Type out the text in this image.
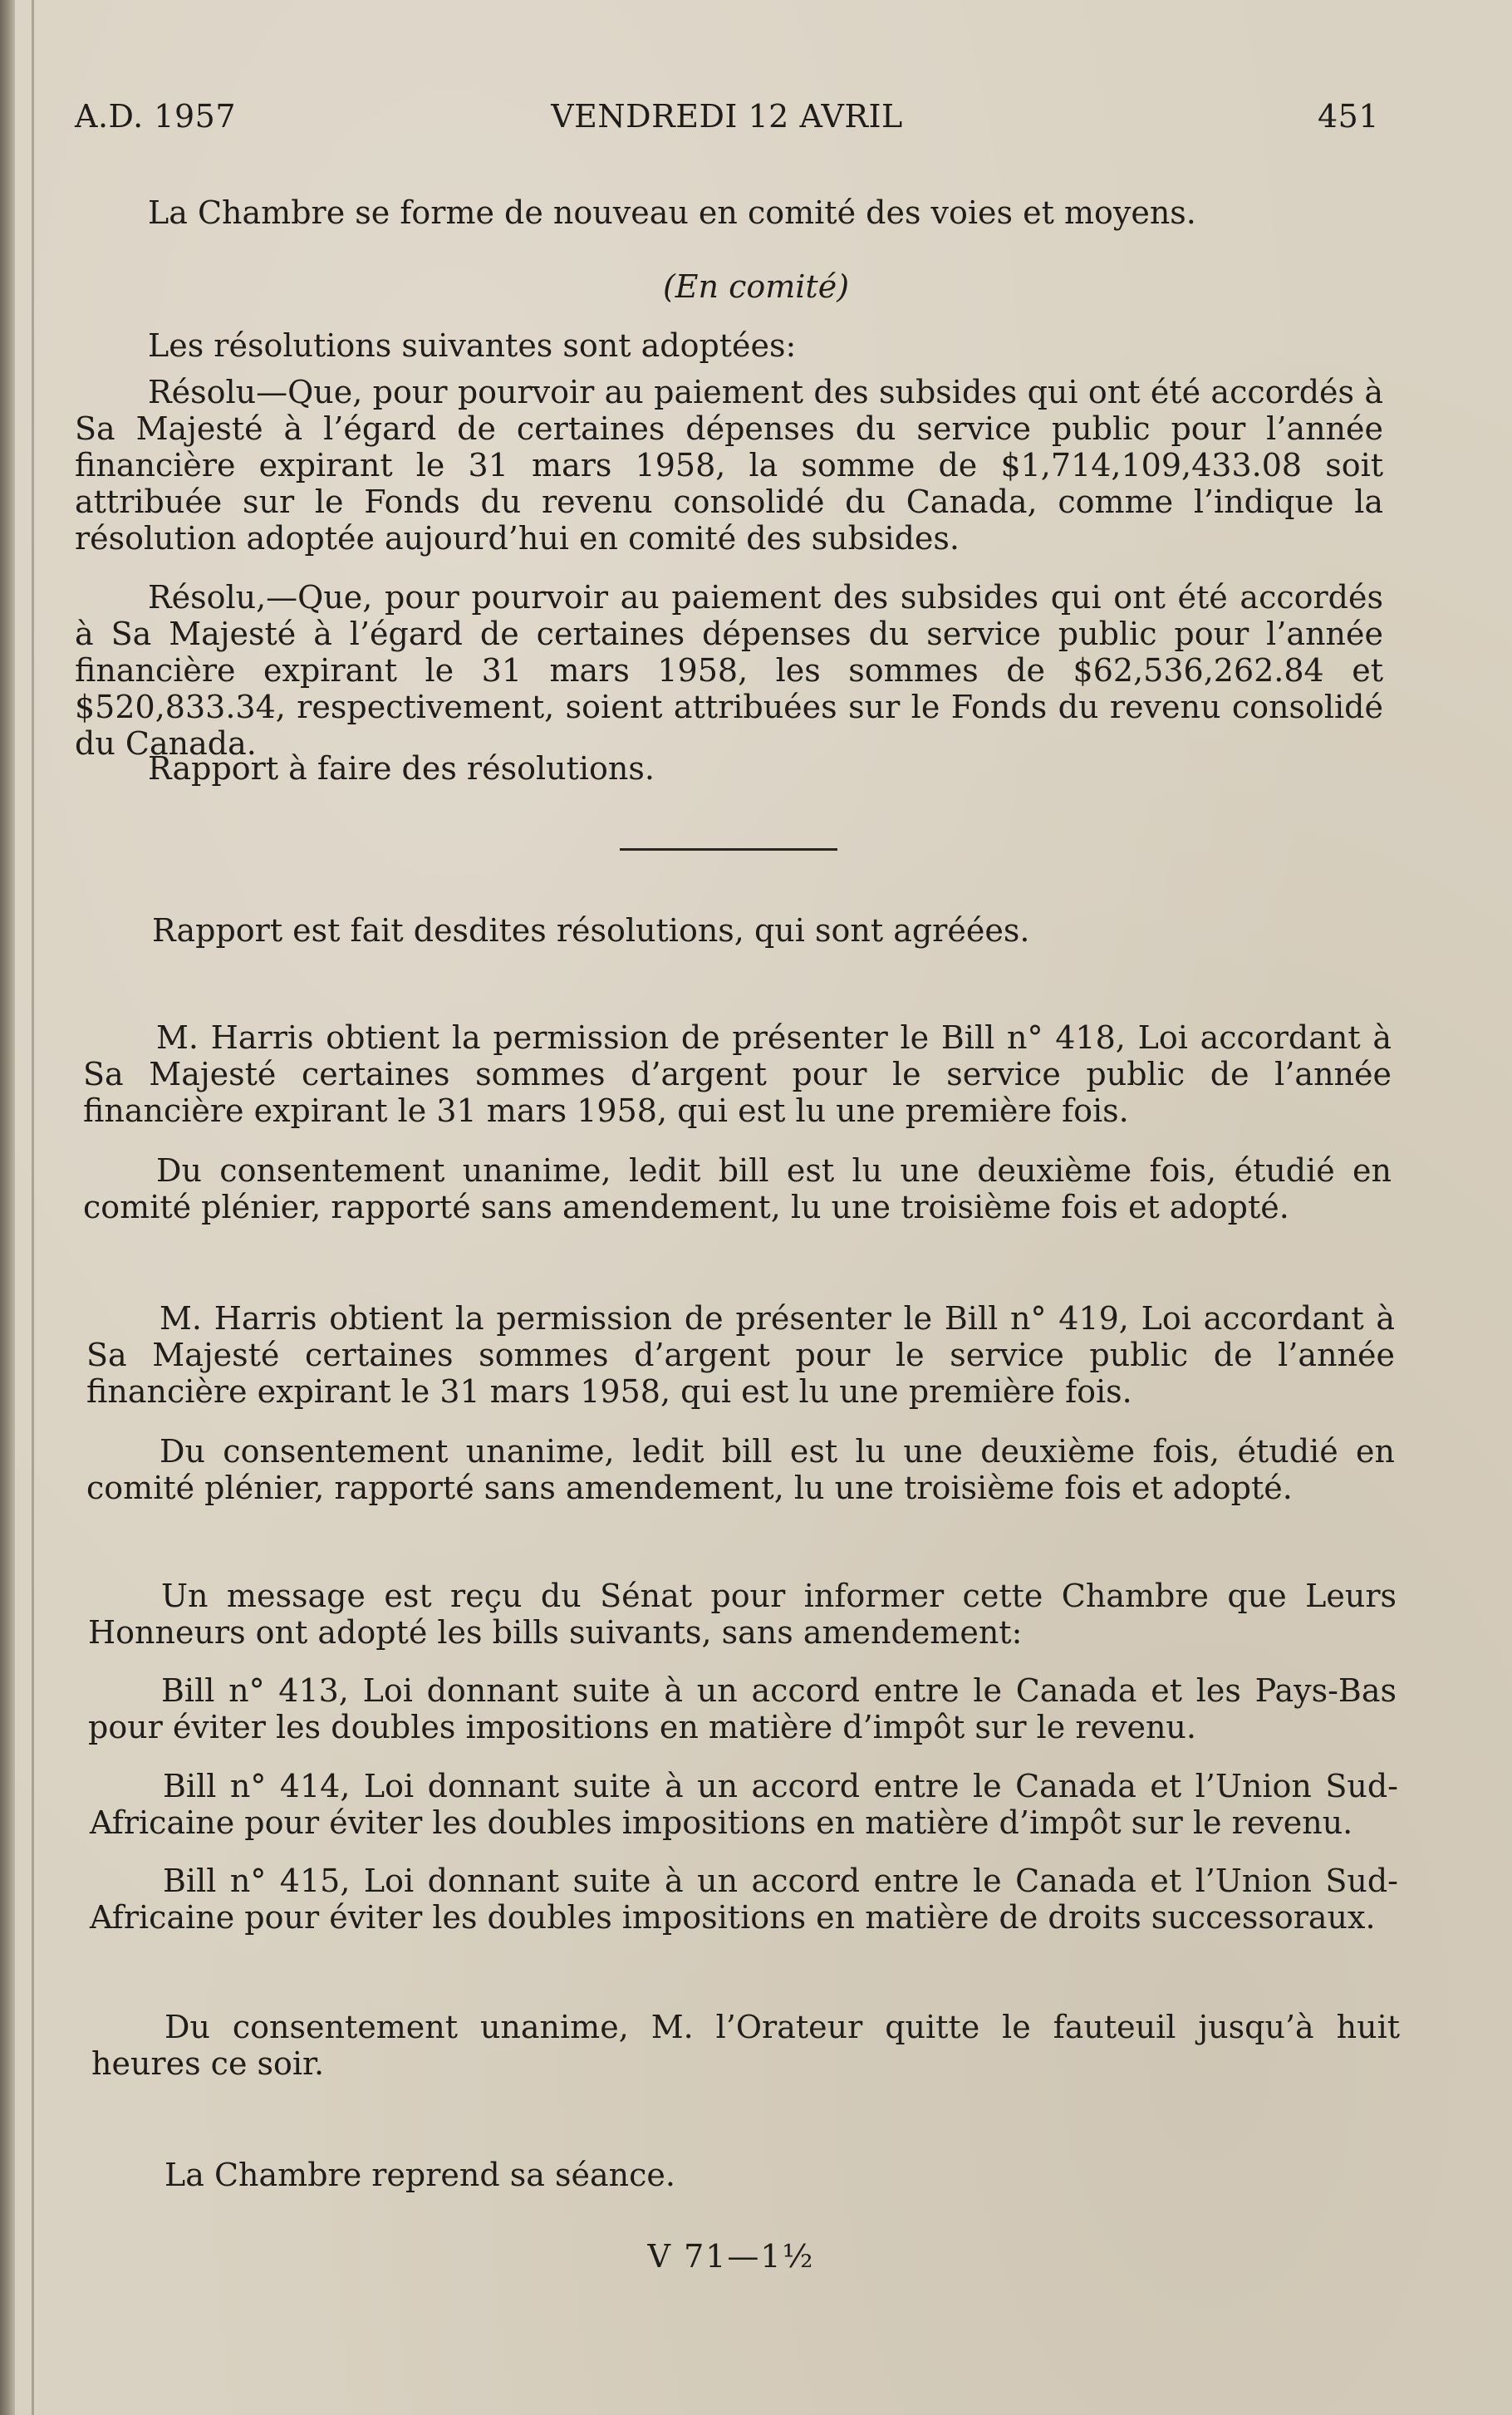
A.D. 1957	VENDREDI 12 AVRIL	451

La Chambre se forme de nouveau en comité des voies et moyens.

(En comité)

Les résolutions suivantes sont adoptées:

Résolu—Que, pour pourvoir au paiement des subsides qui ont été accordés à Sa Majesté à l’égard de certaines dépenses du service public pour l’année financière expirant le 31 mars 1958, la somme de $1,714,109,433.08 soit attribuée sur le Fonds du revenu consolidé du Canada, comme l’indique la résolution adoptée aujourd’hui en comité des subsides.

Résolu,—Que, pour pourvoir au paiement des subsides qui ont été accordés à Sa Majesté à l’égard de certaines dépenses du service public pour l’année financière expirant le 31 mars 1958, les sommes de $62,536,262.84 et $520,833.34, respectivement, soient attribuées sur le Fonds du revenu consolidé du Canada.

Rapport à faire des résolutions.

Rapport est fait desdites résolutions, qui sont agréées.

M. Harris obtient la permission de présenter le Bill n° 418, Loi accordant à Sa Majesté certaines sommes d’argent pour le service public de l’année financière expirant le 31 mars 1958, qui est lu une première fois.

Du consentement unanime, ledit bill est lu une deuxième fois, étudié en comité plénier, rapporté sans amendement, lu une troisième fois et adopté.

M. Harris obtient la permission de présenter le Bill n° 419, Loi accordant à Sa Majesté certaines sommes d’argent pour le service public de l’année financière expirant le 31 mars 1958, qui est lu une première fois.

Du consentement unanime, ledit bill est lu une deuxième fois, étudié en comité plénier, rapporté sans amendement, lu une troisième fois et adopté.

Un message est reçu du Sénat pour informer cette Chambre que Leurs Honneurs ont adopté les bills suivants, sans amendement:

Bill n° 413, Loi donnant suite à un accord entre le Canada et les Pays-Bas pour éviter les doubles impositions en matière d’impôt sur le revenu.

Bill n° 414, Loi donnant suite à un accord entre le Canada et l’Union Sud-Africaine pour éviter les doubles impositions en matière d’impôt sur le revenu.

Bill n° 415, Loi donnant suite à un accord entre le Canada et l’Union Sud-Africaine pour éviter les doubles impositions en matière de droits successoraux.

Du consentement unanime, M. l’Orateur quitte le fauteuil jusqu’à huit heures ce soir.

La Chambre reprend sa séance.

V 71—1½
